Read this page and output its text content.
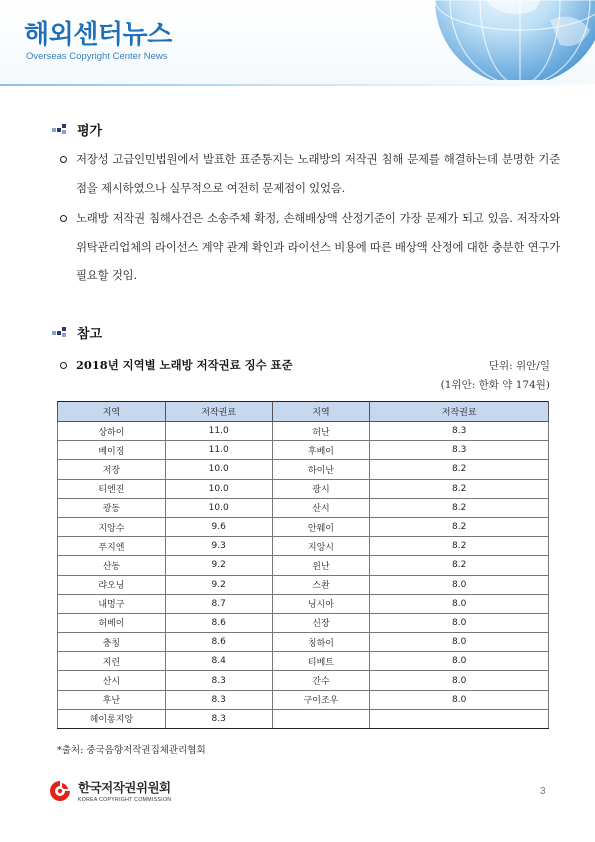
해외센터뉴스
Overseas Copyright Center News
평가
저장성 고급인민법원에서 발표한 표준통지는 노래방의 저작권 침해 문제를 해결하는데 분명한 기준점을 제시하였으나 실무적으로 여전히 문제점이 있었음.
노래방 저작권 침해사건은 소송주체 확정, 손해배상액 산정기준이 가장 문제가 되고 있음. 저작자와 위탁관리업체의 라이선스 계약 관계 확인과 라이선스 비용에 따른 배상액 산정에 대한 충분한 연구가 필요할 것임.
참고
2018년 지역별 노래방 저작권료 징수 표준	단위: 위안/일
(1위안: 한화 약 174원)
지역	저작권료	지역	저작권료
상하이	11.0	허난	8.3
베이징	11.0	후베이	8.3
저장	10.0	하이난	8.2
티엔진	10.0	광시	8.2
광동	10.0	산시	8.2
지앙수	9.6	안웨이	8.2
푸지엔	9.3	지앙시	8.2
산동	9.2	윈난	8.2
랴오닝	9.2	스촨	8.0
내멍구	8.7	닝시아	8.0
허베이	8.6	신장	8.0
충칭	8.6	칭하이	8.0
지린	8.4	티베트	8.0
산시	8.3	간수	8.0
후난	8.3	구이조우	8.0
헤이롱지앙	8.3		
*출처: 중국음향저작권집체관리협회
한국저작권위원회
KOREA COPYRIGHT COMMISSION
3
